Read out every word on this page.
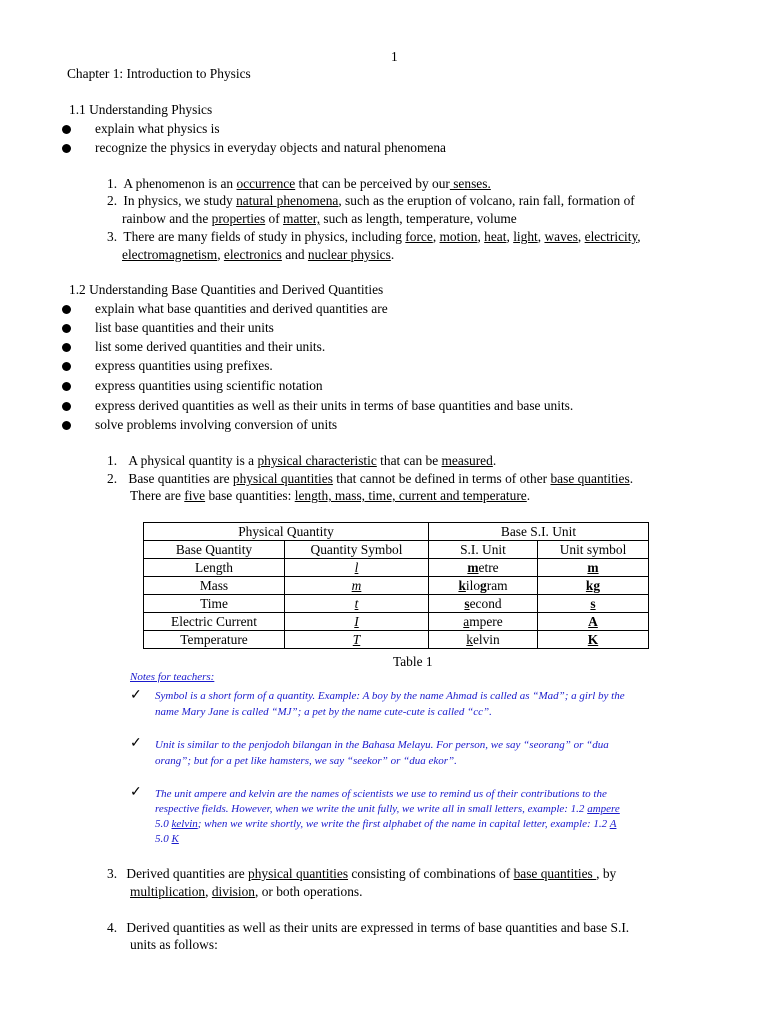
1
Chapter 1: Introduction to Physics
1.1 Understanding Physics
explain what physics is
recognize the physics in everyday objects and natural phenomena
1. A phenomenon is an occurrence that can be perceived by our senses.
2. In physics, we study natural phenomena, such as the eruption of volcano, rain fall, formation of
rainbow and the properties of matter, such as length, temperature, volume
3. There are many fields of study in physics, including force, motion, heat, light, waves, electricity,
electromagnetism, electronics and nuclear physics.
1.2 Understanding Base Quantities and Derived Quantities
explain what base quantities and derived quantities are
list base quantities and their units
list some derived quantities and their units.
express quantities using prefixes.
express quantities using scientific notation
express derived quantities as well as their units in terms of base quantities and base units.
solve problems involving conversion of units
1. A physical quantity is a physical characteristic that can be measured.
2. Base quantities are physical quantities that cannot be defined in terms of other base quantities.
There are five base quantities: length, mass, time, current and temperature.
Physical Quantity		Base S.I. Unit	
Base Quantity	Quantity Symbol	S.I. Unit	Unit symbol
Length	l	metre	m
Mass	m	kilogram	kg
Time	t	second	s
Electric Current	I	ampere	A
Temperature	T	kelvin	K
Table 1
Notes for teachers:
✓ Symbol is a short form of a quantity. Example: A boy by the name Ahmad is called as “Mad”; a girl by the
name Mary Jane is called “MJ”; a pet by the name cute-cute is called “cc”.
✓ Unit is similar to the penjodoh bilangan in the Bahasa Melayu. For person, we say “seorang” or “dua
orang”; but for a pet like hamsters, we say “seekor” or “dua ekor”.
✓ The unit ampere and kelvin are the names of scientists we use to remind us of their contributions to the
respective fields. However, when we write the unit fully, we write all in small letters, example: 1.2 ampere
5.0 kelvin; when we write shortly, we write the first alphabet of the name in capital letter, example: 1.2 A
5.0 K
3. Derived quantities are physical quantities consisting of combinations of base quantities , by
multiplication, division, or both operations.
4. Derived quantities as well as their units are expressed in terms of base quantities and base S.I.
units as follows:
